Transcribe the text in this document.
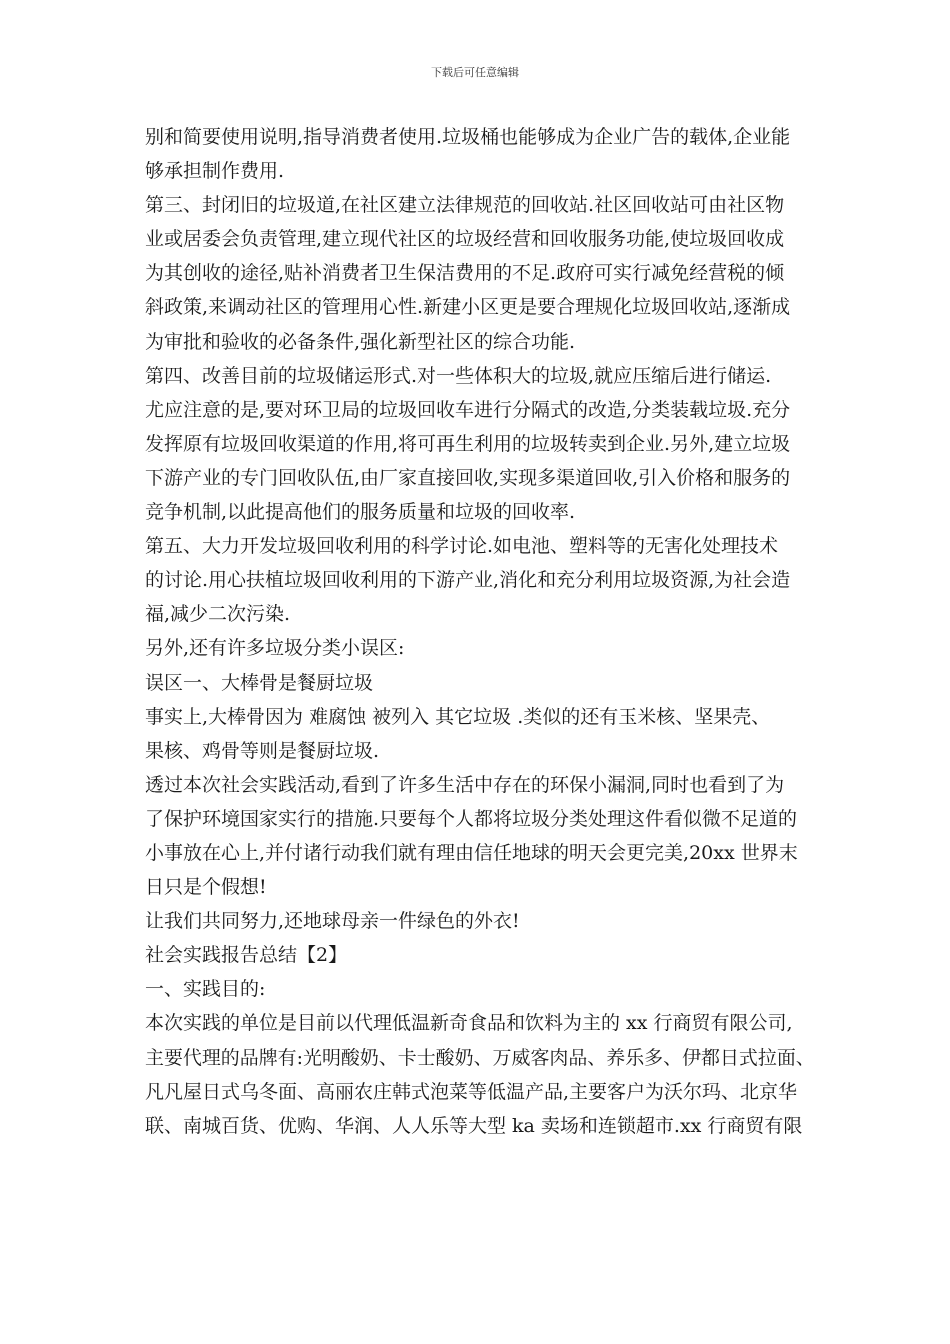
下载后可任意编辑
别和简要使用说明,指导消费者使用.垃圾桶也能够成为企业广告的载体,企业能
够承担制作费用.
第三、封闭旧的垃圾道,在社区建立法律规范的回收站.社区回收站可由社区物
业或居委会负责管理,建立现代社区的垃圾经营和回收服务功能,使垃圾回收成
为其创收的途径,贴补消费者卫生保洁费用的不足.政府可实行减免经营税的倾
斜政策,来调动社区的管理用心性.新建小区更是要合理规化垃圾回收站,逐渐成
为审批和验收的必备条件,强化新型社区的综合功能.
第四、改善目前的垃圾储运形式.对一些体积大的垃圾,就应压缩后进行储运.
尤应注意的是,要对环卫局的垃圾回收车进行分隔式的改造,分类装载垃圾.充分
发挥原有垃圾回收渠道的作用,将可再生利用的垃圾转卖到企业.另外,建立垃圾
下游产业的专门回收队伍,由厂家直接回收,实现多渠道回收,引入价格和服务的
竞争机制,以此提高他们的服务质量和垃圾的回收率.
第五、大力开发垃圾回收利用的科学讨论.如电池、塑料等的无害化处理技术
的讨论.用心扶植垃圾回收利用的下游产业,消化和充分利用垃圾资源,为社会造
福,减少二次污染.
另外,还有许多垃圾分类小误区:
误区一、大棒骨是餐厨垃圾
事实上,大棒骨因为 难腐蚀 被列入 其它垃圾 .类似的还有玉米核、坚果壳、
果核、鸡骨等则是餐厨垃圾.
透过本次社会实践活动,看到了许多生活中存在的环保小漏洞,同时也看到了为
了保护环境国家实行的措施.只要每个人都将垃圾分类处理这件看似微不足道的
小事放在心上,并付诸行动我们就有理由信任地球的明天会更完美,20xx 世界末
日只是个假想!
让我们共同努力,还地球母亲一件绿色的外衣!
社会实践报告总结【2】
一、实践目的:
本次实践的单位是目前以代理低温新奇食品和饮料为主的 xx 行商贸有限公司,
主要代理的品牌有:光明酸奶、卡士酸奶、万威客肉品、养乐多、伊都日式拉面、
凡凡屋日式乌冬面、高丽农庄韩式泡菜等低温产品,主要客户为沃尔玛、北京华
联、南城百货、优购、华润、人人乐等大型 ka 卖场和连锁超市.xx 行商贸有限
